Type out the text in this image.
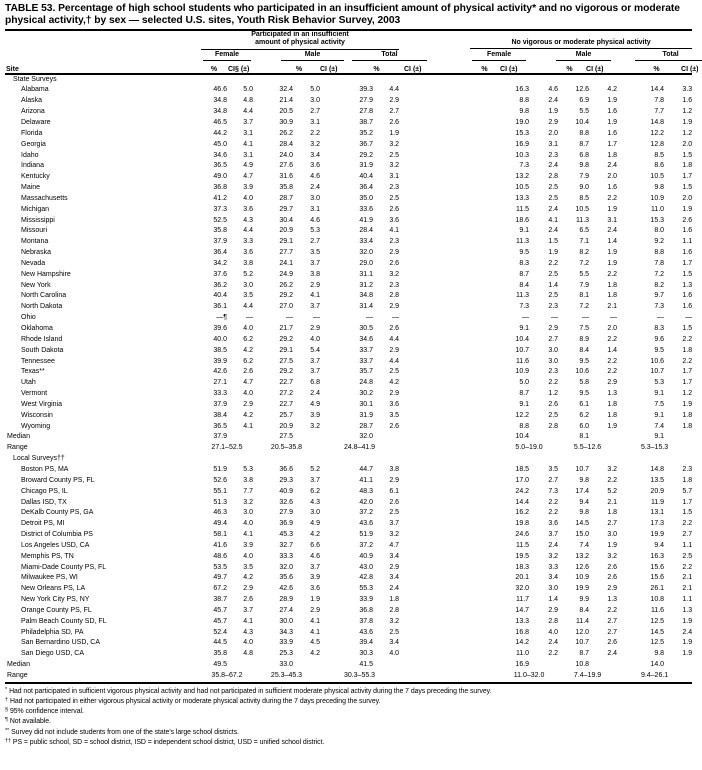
TABLE 53. Percentage of high school students who participated in an insufficient amount of physical activity* and no vigorous or moderate physical activity,† by sex — selected U.S. sites, Youth Risk Behavior Survey, 2003
Site	Participated in an insufficient
amount of physical activity							No vigorous or moderate physical activity					

	Female		Male		Total			Female		Male		Total	

	%	CI§ (±)	%	CI (±)	%	CI (±)		%	CI (±)	%	CI (±)	%	CI (±)
State Surveys													
Alabama	46.6	5.0	32.4	5.0	39.3	4.4		16.3	4.6	12.6	4.2	14.4	3.3
Alaska	34.8	4.8	21.4	3.0	27.9	2.9		8.8	2.4	6.9	1.9	7.8	1.6
Arizona	34.8	4.4	20.5	2.7	27.8	2.7		9.8	1.9	5.5	1.6	7.7	1.2
Delaware	46.5	3.7	30.9	3.1	38.7	2.6		19.0	2.9	10.4	1.9	14.8	1.9
Florida	44.2	3.1	26.2	2.2	35.2	1.9		15.3	2.0	8.8	1.6	12.2	1.2
Georgia	45.0	4.1	28.4	3.2	36.7	3.2		16.9	3.1	8.7	1.7	12.8	2.0
Idaho	34.6	3.1	24.0	3.4	29.2	2.5		10.3	2.3	6.8	1.8	8.5	1.5
Indiana	36.5	4.9	27.6	3.6	31.9	3.2		7.3	2.4	9.8	2.4	8.6	1.8
Kentucky	49.0	4.7	31.6	4.6	40.4	3.1		13.2	2.8	7.9	2.0	10.5	1.7
Maine	36.8	3.9	35.8	2.4	36.4	2.3		10.5	2.5	9.0	1.6	9.8	1.5
Massachusetts	41.2	4.0	28.7	3.0	35.0	2.5		13.3	2.5	8.5	2.2	10.9	2.0
Michigan	37.3	3.6	29.7	3.1	33.6	2.6		11.5	2.4	10.5	1.9	11.0	1.9
Mississippi	52.5	4.3	30.4	4.6	41.9	3.6		18.6	4.1	11.3	3.1	15.3	2.6
Missouri	35.8	4.4	20.9	5.3	28.4	4.1		9.1	2.4	6.5	2.4	8.0	1.6
Montana	37.9	3.3	29.1	2.7	33.4	2.3		11.3	1.5	7.1	1.4	9.2	1.1
Nebraska	36.4	3.6	27.7	3.5	32.0	2.9		9.5	1.9	8.2	1.9	8.8	1.6
Nevada	34.2	3.8	24.1	3.7	29.0	2.6		8.3	2.2	7.2	1.9	7.8	1.7
New Hampshire	37.6	5.2	24.9	3.8	31.1	3.2		8.7	2.5	5.5	2.2	7.2	1.5
New York	36.2	3.0	26.2	2.9	31.2	2.3		8.4	1.4	7.9	1.8	8.2	1.3
North Carolina	40.4	3.5	29.2	4.1	34.8	2.8		11.3	2.5	8.1	1.8	9.7	1.6
North Dakota	36.1	4.4	27.0	3.7	31.4	2.9		7.3	2.3	7.2	2.1	7.3	1.6
Ohio	—¶	—	—	—	—	—		—	—	—	—	—	—
Oklahoma	39.6	4.0	21.7	2.9	30.5	2.6		9.1	2.9	7.5	2.0	8.3	1.5
Rhode Island	40.0	6.2	29.2	4.0	34.6	4.4		10.4	2.7	8.9	2.2	9.6	2.2
South Dakota	38.5	4.2	29.1	5.4	33.7	2.9		10.7	3.0	8.4	1.4	9.5	1.8
Tennessee	39.9	6.2	27.5	3.7	33.7	4.4		11.6	3.0	9.5	2.2	10.6	2.2
Texas**	42.6	2.6	29.2	3.7	35.7	2.5		10.9	2.3	10.6	2.2	10.7	1.7
Utah	27.1	4.7	22.7	6.8	24.8	4.2		5.0	2.2	5.8	2.9	5.3	1.7
Vermont	33.3	4.0	27.2	2.4	30.2	2.9		8.7	1.2	9.5	1.3	9.1	1.2
West Virginia	37.9	2.9	22.7	4.9	30.1	3.6		9.1	2.6	6.1	1.8	7.5	1.9
Wisconsin	38.4	4.2	25.7	3.9	31.9	3.5		12.2	2.5	6.2	1.8	9.1	1.8
Wyoming	36.5	4.1	20.9	3.2	28.7	2.6		8.8	2.8	6.0	1.9	7.4	1.8
Median	37.9		27.5		32.0			10.4		8.1		9.1	
Range	27.1–52.5		20.5–35.8		24.8–41.9			5.0–19.0		5.5–12.6		5.3–15.3	
Local Surveys††													
Boston PS, MA	51.9	5.3	36.6	5.2	44.7	3.8		18.5	3.5	10.7	3.2	14.8	2.3
Broward County PS, FL	52.6	3.8	29.3	3.7	41.1	2.9		17.0	2.7	9.8	2.2	13.5	1.8
Chicago PS, IL	55.1	7.7	40.9	6.2	48.3	6.1		24.2	7.3	17.4	5.2	20.9	5.7
Dallas ISD, TX	51.3	3.2	32.6	4.3	42.0	2.6		14.4	2.2	9.4	2.1	11.9	1.7
DeKalb County PS, GA	46.3	3.0	27.9	3.0	37.2	2.5		16.2	2.2	9.8	1.8	13.1	1.5
Detroit PS, MI	49.4	4.0	36.9	4.9	43.6	3.7		19.8	3.6	14.5	2.7	17.3	2.2
District of Columbia PS	58.1	4.1	45.3	4.2	51.9	3.2		24.6	3.7	15.0	3.0	19.9	2.7
Los Angeles USD, CA	41.6	3.9	32.7	6.6	37.2	4.7		11.5	2.4	7.4	1.9	9.4	1.1
Memphis PS, TN	48.6	4.0	33.3	4.6	40.9	3.4		19.5	3.2	13.2	3.2	16.3	2.5
Miami-Dade County PS, FL	53.5	3.5	32.0	3.7	43.0	2.9		18.3	3.3	12.6	2.6	15.6	2.2
Milwaukee PS, WI	49.7	4.2	35.6	3.9	42.8	3.4		20.1	3.4	10.9	2.6	15.6	2.1
New Orleans PS, LA	67.2	2.9	42.6	3.6	55.3	2.4		32.0	3.0	19.9	2.9	26.1	2.1
New York City PS, NY	38.7	2.6	28.9	1.9	33.9	1.8		11.7	1.4	9.9	1.3	10.8	1.1
Orange County PS, FL	45.7	3.7	27.4	2.9	36.8	2.8		14.7	2.9	8.4	2.2	11.6	1.3
Palm Beach County SD, FL	45.7	4.1	30.0	4.1	37.8	3.2		13.3	2.8	11.4	2.7	12.5	1.9
Philadelphia SD, PA	52.4	4.3	34.3	4.1	43.6	2.5		16.8	4.0	12.0	2.7	14.5	2.4
San Bernardino USD, CA	44.5	4.0	33.9	4.5	39.4	3.4		14.2	2.4	10.7	2.6	12.5	1.9
San Diego USD, CA	35.8	4.8	25.3	4.2	30.3	4.0		11.0	2.2	8.7	2.4	9.8	1.9
Median	49.5		33.0		41.5			16.9		10.8		14.0	
Range	35.8–67.2		25.3–45.3		30.3–55.3			11.0–32.0		7.4–19.9		9.4–26.1	
* Had not participated in sufficient vigorous physical activity and had not participated in sufficient moderate physical activity during the 7 days preceding the survey.
† Had not participated in either vigorous physical activity or moderate physical activity during the 7 days preceding the survey.
§ 95% confidence interval.
¶ Not available.
** Survey did not include students from one of the state's large school districts.
†† PS = public school, SD = school district, ISD = independent school district, USD = unified school district.
